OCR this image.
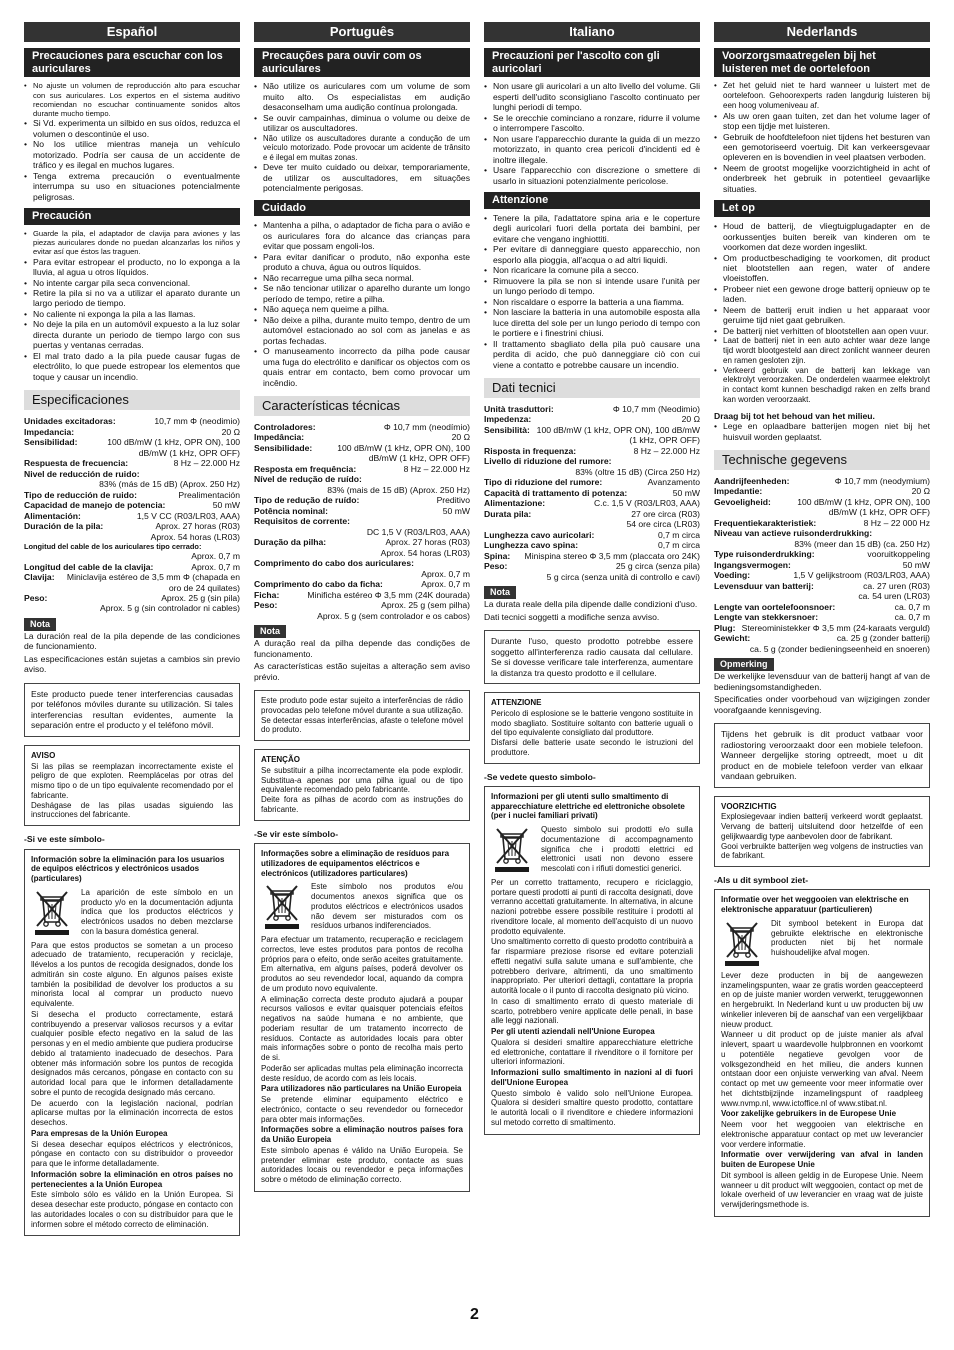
Español
Precauciones para escuchar con los auriculares
• No ajuste un volumen de reproducción alto para escuchar con sus auriculares. Los expertos en el sistema auditivo recomiendan no escuchar continuamente sonidos altos durante mucho tiempo.
• Si Vd. experimenta un silbido en sus oídos, reduzca el volumen o descontinúe el uso.
• No los utilice mientras maneja un vehículo motorizado. Podría ser causa de un accidente de tráfico y es ilegal en muchos lugares.
• Tenga extrema precaución o eventualmente interrumpa su uso en situaciones potencialmente peligrosas.
Precaución
• Guarde la pila, el adaptador de clavija para aviones y las piezas auriculares donde no puedan alcanzarlas los niños y evitar así que éstos las traguen.
• Para evitar estropear el producto, no lo exponga a la lluvia, al agua u otros líquidos.
• No intente cargar pila seca convencional.
• Retire la pila si no va a utilizar el aparato durante un largo periodo de tiempo.
• No caliente ni exponga la pila a las llamas.
• No deje la pila en un automóvil expuesto a la luz solar directa durante un periodo de tiempo largo con sus puertas y ventanas cerradas.
• El mal trato dado a la pila puede causar fugas de electrólito, lo que puede estropear los elementos que toque y causar un incendio.
Especificaciones
Unidades excitadoras:	10,7 mm Φ (neodimio)
Impedancia:	20 Ω
Sensibilidad:	100 dB/mW (1 kHz, OPR ON), 100 dB/mW (1 kHz, OPR OFF)
Respuesta de frecuencia:	8 Hz – 22.000 Hz
Nivel de reducción de ruido:
83% (más de 15 dB) (Aprox. 250 Hz)
Tipo de reducción de ruido:	Prealimentación
Capacidad de manejo de potencia:	50 mW
Alimentación:	1,5 V CC (R03/LR03, AAA)
Duración de la pila:	Aprox. 27 horas (R03)
Aprox. 54 horas (LR03)
Longitud del cable de los auriculares tipo cerrado:
Aprox. 0,7 m
Longitud del cable de la clavija:	Aprox. 0,7 m
Clavija:	Miniclavija estéreo de 3,5 mm Φ (chapada en oro de 24 quilates)
Peso:	Aprox. 25 g (sin pila)
Aprox. 5 g (sin controlador ni cables)
Nota

La duración real de la pila depende de las condiciones de funcionamiento.

Las especificaciones están sujetas a cambios sin previo aviso.

Este producto puede tener interferencias causadas por teléfonos móviles durante su utilización. Si tales interferencias resultan evidentes, aumente la separación entre el producto y el teléfono móvil.

AVISO

Si las pilas se reemplazan incorrectamente existe el peligro de que exploten. Reemplácelas por otras del mismo tipo o de un tipo equivalente recomendado por el fabricante.

Deshágase de las pilas usadas siguiendo las instrucciones del fabricante.

-Si ve este símbolo-
Información sobre la eliminación para los usuarios de equipos eléctricos y electrónicos usados (particulares)
La aparición de este símbolo en un producto y/o en la documentación adjunta indica que los productos eléctricos y electrónicos usados no deben mezclarse con la basura doméstica general.

Para que estos productos se sometan a un proceso adecuado de tratamiento, recuperación y reciclaje, llévelos a los puntos de recogida designados, donde los admitirán sin coste alguno. En algunos países existe también la posibilidad de devolver los productos a su minorista local al comprar un producto nuevo equivalente.

Si desecha el producto correctamente, estará contribuyendo a preservar valiosos recursos y a evitar cualquier posible efecto negativo en la salud de las personas y en el medio ambiente que pudiera producirse debido al tratamiento inadecuado de desechos. Para obtener más información sobre los puntos de recogida designados más cercanos, póngase en contacto con su autoridad local para que le informen detalladamente sobre el punto de recogida designado más cercano.

De acuerdo con la legislación nacional, podrían aplicarse multas por la eliminación incorrecta de estos desechos.

Para empresas de la Unión Europea

Si desea desechar equipos eléctricos y electrónicos, póngase en contacto con su distribuidor o proveedor para que le informe detalladamente.

Información sobre la eliminación en otros países no pertenecientes a la Unión Europea

Este símbolo sólo es válido en la Unión Europea. Si desea desechar este producto, póngase en contacto con las autoridades locales o con su distribuidor para que le informen sobre el método correcto de eliminación.

Português
Precauções para ouvir com os auriculares
• Não utilize os auriculares com um volume de som muito alto. Os especialistas em audição desaconselham uma audição contínua prolongada.
• Se ouvir campainhas, diminua o volume ou deixe de utilizar os auscultadores.
• Não utilize os auscultadores durante a condução de um veículo motorizado. Pode provocar um acidente de trânsito e é ilegal em muitas zonas.
• Deve ter muito cuidado ou deixar, temporariamente, de utilizar os auscultadores, em situações potencialmente perigosas.
Cuidado
• Mantenha a pilha, o adaptador de ficha para o avião e os auriculares fora do alcance das crianças para evitar que possam engoli-los.
• Para evitar danificar o produto, não exponha este produto a chuva, água ou outros líquidos.
• Não recarregue uma pilha seca normal.
• Se não tencionar utilizar o aparelho durante um longo período de tempo, retire a pilha.
• Não aqueça nem queime a pilha.
• Não deixe a pilha, durante muito tempo, dentro de um automóvel estacionado ao sol com as janelas e as portas fechadas.
• O manuseamento incorrecto da pilha pode causar uma fuga do electrólito e danificar os objectos com os quais entrar em contacto, bem como provocar um incêndio.
Características técnicas
Controladores:	Φ 10,7 mm (neodímio)
Impedância:	20 Ω
Sensibilidade:	100 dB/mW (1 kHz, OPR ON), 100 dB/mW (1 kHz, OPR OFF)
Resposta em frequência:	8 Hz – 22.000 Hz
Nível de redução de ruído:
83% (mais de 15 dB) (Aprox. 250 Hz)
Tipo de redução de ruído:	Preditivo
Potência nominal:	50 mW
Requisitos de corrente:
DC 1,5 V (R03/LR03, AAA)
Duração da pilha:	Aprox. 27 horas (R03)
Aprox. 54 horas (LR03)
Comprimento do cabo dos auriculares:
Aprox. 0,7 m
Comprimento do cabo da ficha:	Aprox. 0,7 m
Ficha:	Minificha estéreo Φ 3,5 mm (24K dourada)
Peso:	Aprox. 25 g (sem pilha)
Aprox. 5 g (sem controlador e os cabos)
Nota

A duração real da pilha depende das condições de funcionamento.

As características estão sujeitas a alteração sem aviso prévio.

Este produto pode estar sujeito a interferências de rádio provocadas pelo telefone móvel durante a sua utilização. Se detectar essas interferências, afaste o telefone móvel do produto.

ATENÇÃO

Se substituir a pilha incorrectamente ela pode explodir. Substitua-a apenas por uma pilha igual ou de tipo equivalente recomendado pelo fabricante.

Deite fora as pilhas de acordo com as instruções do fabricante.

-Se vir este símbolo-
Informações sobre a eliminação de resíduos para utilizadores de equipamentos eléctricos e electrónicos (utilizadores particulares)
Este símbolo nos produtos e/ou documentos anexos significa que os produtos eléctricos e electrónicos usados não devem ser misturados com os resíduos urbanos indiferenciados.

Para efectuar um tratamento, recuperação e reciclagem correctos, leve estes produtos para pontos de recolha próprios para o efeito, onde serão aceites gratuitamente. Em alternativa, em alguns países, poderá devolver os produtos ao seu revendedor local, aquando da compra de um produto novo equivalente.

A eliminação correcta deste produto ajudará a poupar recursos valiosos e evitar quaisquer potenciais efeitos negativos na saúde humana e no ambiente, que poderiam resultar de um tratamento incorrecto de resíduos. Contacte as autoridades locais para obter mais informações sobre o ponto de recolha mais perto de si.

Poderão ser aplicadas multas pela eliminação incorrecta deste resíduo, de acordo com as leis locais.

Para utilizadores não particulares na União Europeia

Se pretende eliminar equipamento eléctrico e electrónico, contacte o seu revendedor ou fornecedor para obter mais informações.

Informações sobre a eliminação noutros países fora da União Europeia

Este símbolo apenas é válido na União Europeia. Se pretender eliminar este produto, contacte as suas autoridades locais ou revendedor e peça informações sobre o método de eliminação correcto.

Italiano
Precauzioni per l'ascolto con gli auricolari
• Non usare gli auricolari a un alto livello del volume. Gli esperti dell'udito sconsigliano l'ascolto continuato per lunghi periodi di tempo.
• Se le orecchie cominciano a ronzare, ridurre il volume o interrompere l'ascolto.
• Non usare l'apparecchio durante la guida di un mezzo motorizzato, in quanto crea pericoli d'incidenti ed è inoltre illegale.
• Usare l'apparecchio con discrezione o smettere di usarlo in situazioni potenzialmente pericolose.
Attenzione
• Tenere la pila, l'adattatore spina aria e le coperture degli auricolari fuori della portata dei bambini, per evitare che vengano inghiottiti.
• Per evitare di danneggiare questo apparecchio, non esporlo alla pioggia, all'acqua o ad altri liquidi.
• Non ricaricare la comune pila a secco.
• Rimuovere la pila se non si intende usare l'unità per un lungo periodo di tempo.
• Non riscaldare o esporre la batteria a una fiamma.
• Non lasciare la batteria in una automobile esposta alla luce diretta del sole per un lungo periodo di tempo con le portiere e i finestrini chiusi.
• Il trattamento sbagliato della pila può causare una perdita di acido, che può danneggiare ciò con cui viene a contatto e potrebbe causare un incendio.
Dati tecnici
Unità trasduttori:	Φ 10,7 mm (Neodimio)
Impedenza:	20 Ω
Sensibilità: 100 dB/mW (1 kHz, OPR ON), 100 dB/mW (1 kHz, OPR OFF)
Risposta in frequenza:	8 Hz – 22.000 Hz
Livello di riduzione del rumore:
83% (oltre 15 dB) (Circa 250 Hz)
Tipo di riduzione del rumore:	Avanzamento
Capacità di trattamento di potenza:	50 mW
Alimentazione:	C.c. 1,5 V (R03/LR03, AAA)
Durata pila:	27 ore circa (R03)
54 ore circa (LR03)
Lunghezza cavo auricolari:	0,7 m circa
Lunghezza cavo spina:	0,7 m circa
Spina: Minispina stereo Φ 3,5 mm (placcata oro 24K)
Peso:	25 g circa (senza pila)
5 g circa (senza unità di controllo e cavi)
Nota

La durata reale della pila dipende dalle condizioni d'uso.

Dati tecnici soggetti a modifiche senza avviso.

Durante l'uso, questo prodotto potrebbe essere soggetto all'interferenza radio causata dal cellulare. Se si dovesse verificare tale interferenza, aumentare la distanza tra questo prodotto e il cellulare.

ATTENZIONE

Pericolo di esplosione se le batterie vengono sostituite in modo sbagliato. Sostituire soltanto con batterie uguali o del tipo equivalente consigliato dal produttore.

Disfarsi delle batterie usate secondo le istruzioni del produttore.

-Se vedete questo simbolo-
Informazioni per gli utenti sullo smaltimento di apparecchiature elettriche ed elettroniche obsolete (per i nuclei familiari privati)
Questo simbolo sui prodotti e/o sulla documentazione di accompagnamento significa che i prodotti elettrici ed elettronici usati non devono essere mescolati con i rifiuti domestici generici.

Per un corretto trattamento, recupero e riciclaggio, portare questi prodotti ai punti di raccolta designati, dove verranno accettati gratuitamente. In alternativa, in alcune nazioni potrebbe essere possibile restituire i prodotti al rivenditore locale, al momento dell'acquisto di un nuovo prodotto equivalente.

Uno smaltimento corretto di questo prodotto contribuirà a far risparmiare preziose risorse ed evitare potenziali effetti negativi sulla salute umana e sull'ambiente, che potrebbero derivare, altrimenti, da uno smaltimento inappropriato. Per ulteriori dettagli, contattare la propria autorità locale o il punto di raccolta designato più vicino.

In caso di smaltimento errato di questo materiale di scarto, potrebbero venire applicate delle penali, in base alle leggi nazionali.

Per gli utenti aziendali nell'Unione Europea

Qualora si desideri smaltire apparecchiature elettriche ed elettroniche, contattare il rivenditore o il fornitore per ulteriori informazioni.

Informazioni sullo smaltimento in nazioni al di fuori dell'Unione Europea

Questo simbolo è valido solo nell'Unione Europea. Qualora si desideri smaltire questo prodotto, contattare le autorità locali o il rivenditore e chiedere informazioni sul metodo corretto di smaltimento.

Nederlands
Voorzorgsmaatregelen bij het luisteren met de oortelefoon
• Zet het geluid niet te hard wanneer u luistert met de oortelefoon. Gehoorexperts raden langdurig luisteren bij een hoog volumeniveau af.
• Als uw oren gaan tuiten, zet dan het volume lager of stop een tijdje met luisteren.
• Gebruik de hoofdtelefoon niet tijdens het besturen van een gemotoriseerd voertuig. Dit kan verkeersgevaar opleveren en is bovendien in veel plaatsen verboden.
• Neem de grootst mogelijke voorzichtigheid in acht of onderbreek het gebruik in potentieel gevaarlijke situaties.
Let op
• Houd de batterij, de vliegtuigplugadapter en de oorkussentjes buiten bereik van kinderen om te voorkomen dat deze worden ingeslikt.
• Om productbeschadiging te voorkomen, dit product niet blootstellen aan regen, water of andere vloeistoffen.
• Probeer niet een gewone droge batterij opnieuw op te laden.
• Neem de batterij eruit indien u het apparaat voor geruime tijd niet gaat gebruiken.
• De batterij niet verhitten of blootstellen aan open vuur.
• Laat de batterij niet in een auto achter waar deze lange tijd wordt blootgesteld aan direct zonlicht wanneer deuren en ramen gesloten zijn.
• Verkeerd gebruik van de batterij kan lekkage van elektrolyt veroorzaken. De onderdelen waarmee elektrolyt in contact komt kunnen beschadigd raken en zelfs brand kan worden veroorzaakt.

Draag bij tot het behoud van het milieu.

• Lege en oplaadbare batterijen mogen niet bij het huisvuil worden geplaatst.
Technische gegevens
Aandrijfeenheden:	Φ 10,7 mm (neodymium)
Impedantie:	20 Ω
Gevoeligheid:	100 dB/mW (1 kHz, OPR ON), 100 dB/mW (1 kHz, OPR OFF)
Frequentiekarakteristiek:	8 Hz – 22 000 Hz
Niveau van actieve ruisonderdrukking:
83% (meer dan 15 dB) (ca. 250 Hz)
Type ruisonderdrukking:	vooruitkoppeling
Ingangsvermogen:	50 mW
Voeding:	1,5 V gelijkstroom (R03/LR03, AAA)
Levensduur van batterij:	ca. 27 uren (R03)
ca. 54 uren (LR03)
Lengte van oortelefoonsnoer:	ca. 0,7 m
Lengte van stekkersnoer:	ca. 0,7 m
Plug: Stereoministekker Φ 3,5 mm (24-karaats verguld)
Gewicht:	ca. 25 g (zonder batterij)
ca. 5 g (zonder bedieningseenheid en snoeren)
Opmerking

De werkelijke levensduur van de batterij hangt af van de bedieningsomstandigheden.

Specificaties onder voorbehoud van wijzigingen zonder voorafgaande kennisgeving.

Tijdens het gebruik is dit product vatbaar voor radiostoring veroorzaakt door een mobiele telefoon. Wanneer dergelijke storing optreedt, moet u dit product en de mobiele telefoon verder van elkaar vandaan gebruiken.

VOORZICHTIG

Explosiegevaar indien batterij verkeerd wordt geplaatst. Vervang de batterij uitsluitend door hetzelfde of een gelijkwaardig type aanbevolen door de fabrikant.

Gooi verbruikte batterijen weg volgens de instructies van de fabrikant.

-Als u dit symbool ziet-
Informatie over het weggooien van elektrische en elektronische apparatuur (particulieren)
Dit symbool betekent in Europa dat gebruikte elektrische en elektronische producten niet bij het normale huishoudelijke afval mogen.

Lever deze producten in bij de aangewezen inzamelingspunten, waar ze gratis worden geaccepteerd en op de juiste manier worden verwerkt, teruggewonnen en hergebruikt. In Nederland kunt u uw producten bij uw winkelier inleveren bij de aanschaf van een vergelijkbaar nieuw product.

Wanneer u dit product op de juiste manier als afval inlevert, spaart u waardevolle hulpbronnen en voorkomt u potentiële negatieve gevolgen voor de volksgezondheid en het milieu, die anders kunnen ontstaan door een onjuiste verwerking van afval. Neem contact op met uw gemeente voor meer informatie over het dichtstbijzijnde inzamelingspunt of raadpleeg www.nvmp.nl, www.ictoffice.nl of www.stibat.nl.

Voor zakelijke gebruikers in de Europese Unie

Neem voor het weggooien van elektrische en elektronische apparatuur contact op met uw leverancier voor verdere informatie.

Informatie over verwijdering van afval in landen buiten de Europese Unie

Dit symbool is alleen geldig in de Europese Unie. Neem wanneer u dit product wilt weggooien, contact op met de lokale overheid of uw leverancier en vraag wat de juiste verwijderingsmethode is.

2
